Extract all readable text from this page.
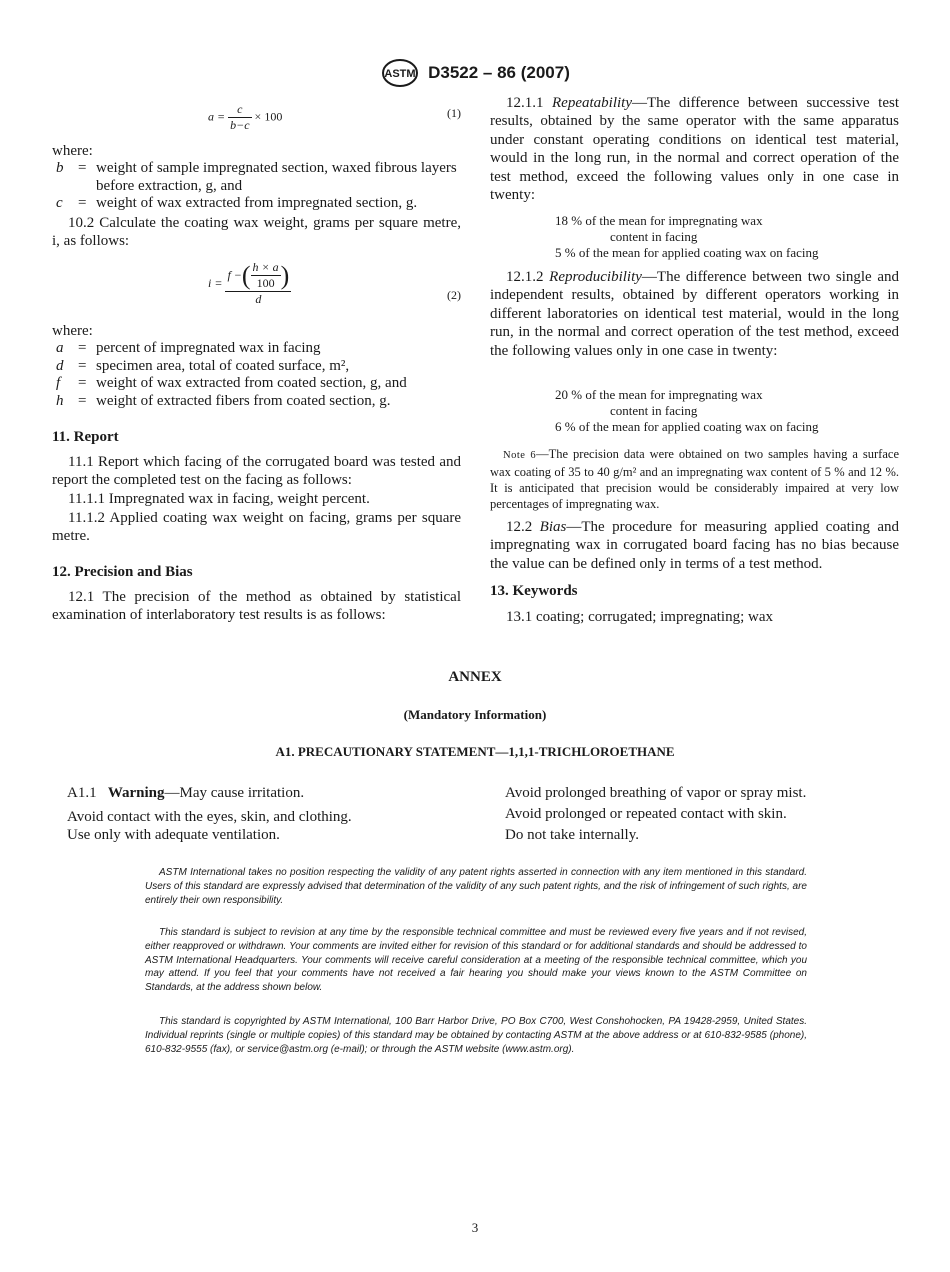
ASTM D3522 – 86 (2007)
$a = \frac{c}{b-c} \times 100$	(1)

where:

b = weight of sample impregnated section, waxed fibrous layers before extraction, g, and
c	= weight of wax extracted from impregnated section, g.

10.2 Calculate the coating wax weight, grams per square metre, i, as follows:

$i = \frac{f - ( \frac{h \times a}{100} )}{d}$	(2)

where:

a = percent of impregnated wax in facing
d = specimen area, total of coated surface, m²,
f	= weight of wax extracted from coated section, g, and
h = weight of extracted fibers from coated section, g.

11. Report

11.1 Report which facing of the corrugated board was tested and report the completed test on the facing as follows:

11.1.1 Impregnated wax in facing, weight percent.

11.1.2 Applied coating wax weight on facing, grams per square metre.

12. Precision and Bias

12.1 The precision of the method as obtained by statistical examination of interlaboratory test results is as follows:

12.1.1 Repeatability—The difference between successive test results, obtained by the same operator with the same apparatus under constant operating conditions on identical test material, would in the long run, in the normal and correct operation of the test method, exceed the following values only in one case in twenty:

18 % of the mean for impregnating wax
content in facing
5 % of the mean for applied coating wax on facing

12.1.2 Reproducibility—The difference between two single and independent results, obtained by different operators working in different laboratories on identical test material, would in the long run, in the normal and correct operation of the test method, exceed the following values only in one case in twenty:

20 % of the mean for impregnating wax
content in facing
6 % of the mean for applied coating wax on facing

Note 6—The precision data were obtained on two samples having a surface wax coating of 35 to 40 g/m² and an impregnating wax content of 5 % and 12 %. It is anticipated that precision would be considerably impaired at very low percentages of impregnating wax.

12.2 Bias—The procedure for measuring applied coating and impregnating wax in corrugated board facing has no bias because the value can be defined only in terms of a test method.

13. Keywords

13.1 coating; corrugated; impregnating; wax

ANNEX
(Mandatory Information)
A1. PRECAUTIONARY STATEMENT—1,1,1-TRICHLOROETHANE
A1.1 Warning—May cause irritation.
Avoid contact with the eyes, skin, and clothing.
Use only with adequate ventilation.
Avoid prolonged breathing of vapor or spray mist.
Avoid prolonged or repeated contact with skin.
Do not take internally.

ASTM International takes no position respecting the validity of any patent rights asserted in connection with any item mentioned in this standard. Users of this standard are expressly advised that determination of the validity of any such patent rights, and the risk of infringement of such rights, are entirely their own responsibility.

This standard is subject to revision at any time by the responsible technical committee and must be reviewed every five years and if not revised, either reapproved or withdrawn. Your comments are invited either for revision of this standard or for additional standards and should be addressed to ASTM International Headquarters. Your comments will receive careful consideration at a meeting of the responsible technical committee, which you may attend. If you feel that your comments have not received a fair hearing you should make your views known to the ASTM Committee on Standards, at the address shown below.

This standard is copyrighted by ASTM International, 100 Barr Harbor Drive, PO Box C700, West Conshohocken, PA 19428-2959, United States. Individual reprints (single or multiple copies) of this standard may be obtained by contacting ASTM at the above address or at 610-832-9585 (phone), 610-832-9555 (fax), or service@astm.org (e-mail); or through the ASTM website (www.astm.org).

3
